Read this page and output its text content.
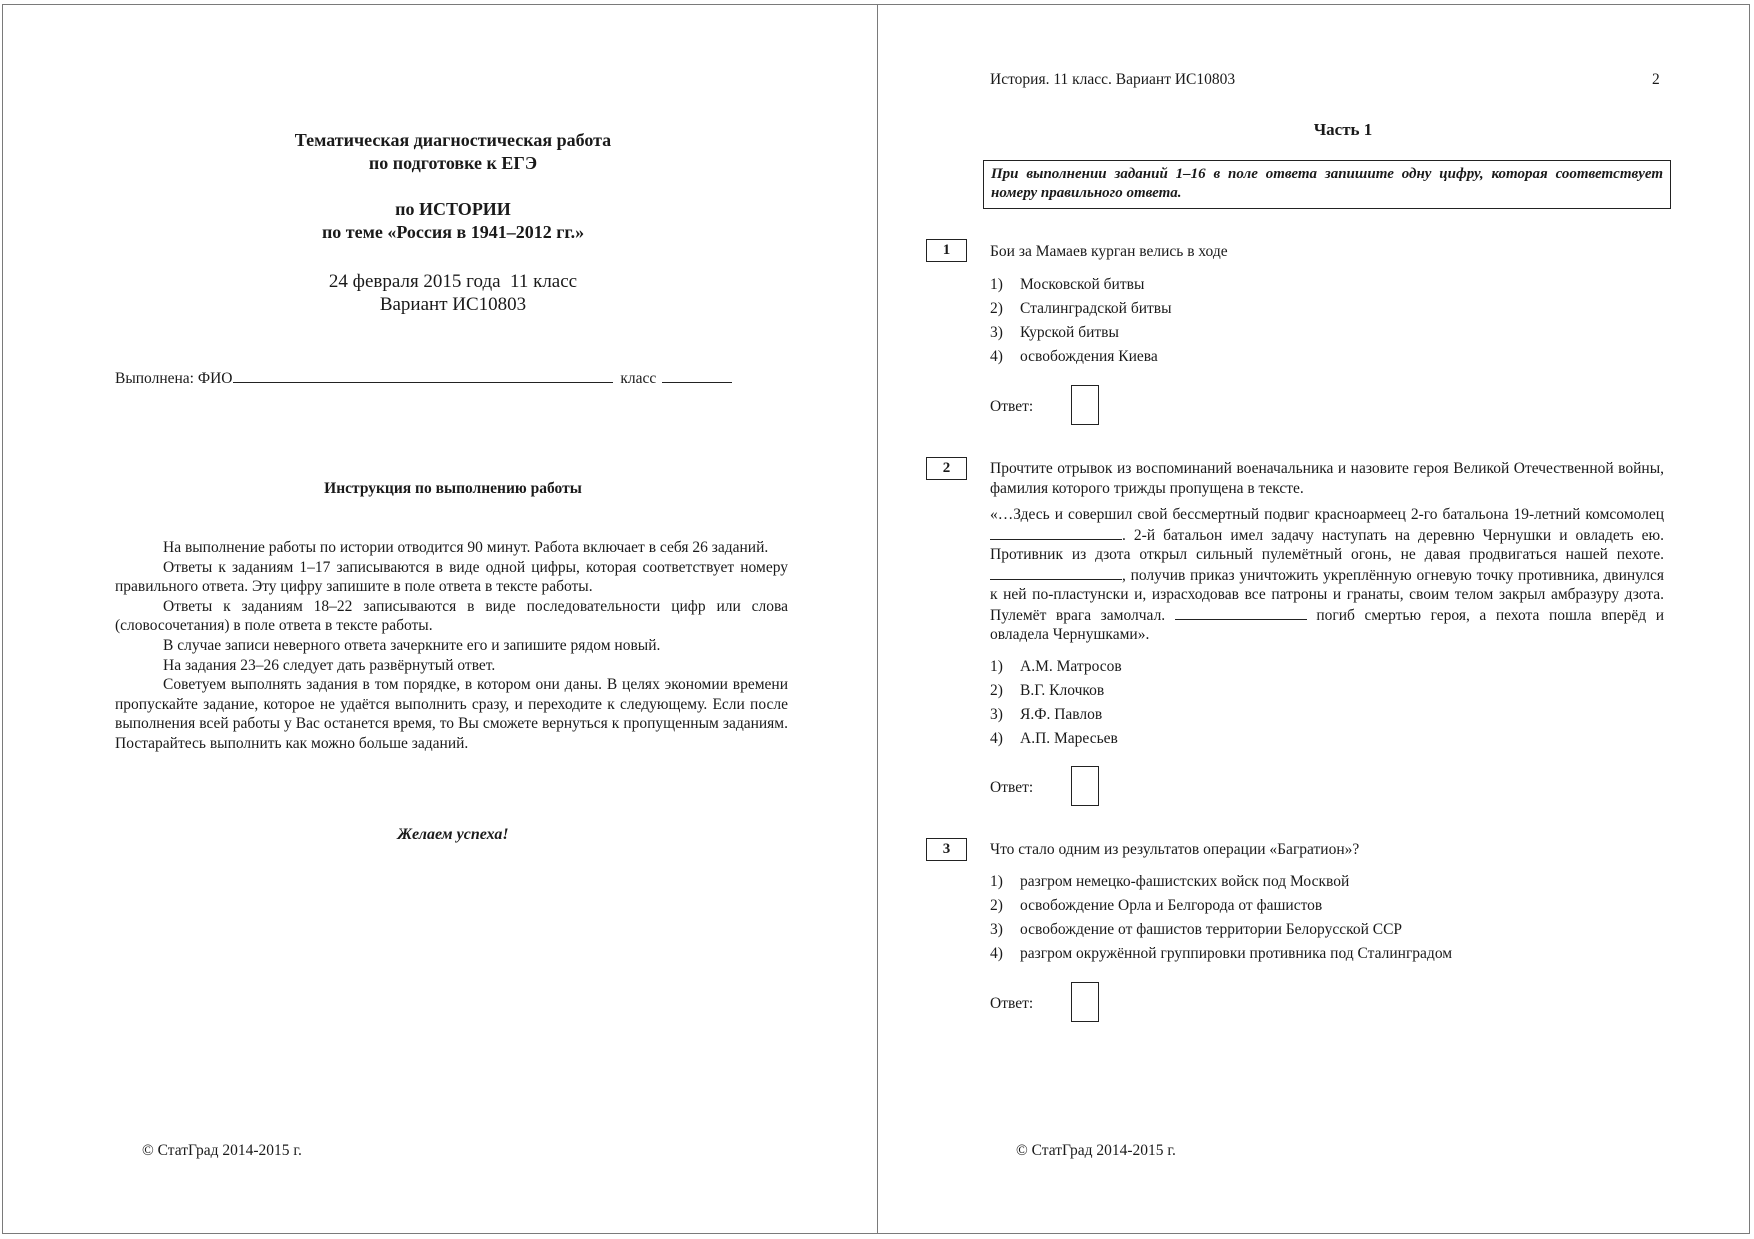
Тематическая диагностическая работа
по подготовке к ЕГЭ
по ИСТОРИИ
по теме «Россия в 1941–2012 гг.»
24 февраля 2015 года  11 класс
Вариант ИС10803
Выполнена: ФИО	класс
Инструкция по выполнению работы

На выполнение работы по истории отводится 90 минут. Работа включает в себя 26 заданий.

Ответы к заданиям 1–17 записываются в виде одной цифры, которая соответствует номеру правильного ответа. Эту цифру запишите в поле ответа в тексте работы.

Ответы к заданиям 18–22 записываются в виде последовательности цифр или слова (словосочетания) в поле ответа в тексте работы.

В случае записи неверного ответа зачеркните его и запишите рядом новый.

На задания 23–26 следует дать развёрнутый ответ.

Советуем выполнять задания в том порядке, в котором они даны. В целях экономии времени пропускайте задание, которое не удаётся выполнить сразу, и переходите к следующему. Если после выполнения всей работы у Вас останется время, то Вы сможете вернуться к пропущенным заданиям. Постарайтесь выполнить как можно больше заданий.

Желаем успеха!
© СтатГрад 2014-2015 г.
История. 11 класс. Вариант ИС10803	2
Часть 1
При выполнении заданий 1–16 в поле ответа запишите одну цифру, которая соответствует номеру правильного ответа.
1	Бои за Мамаев курган велись в ходе
1) Московской битвы
2) Сталинградской битвы
3) Курской битвы
4) освобождения Киева
Ответ:
2	Прочтите отрывок из воспоминаний военачальника и назовите героя Великой Отечественной войны, фамилия которого трижды пропущена в тексте.
«…Здесь и совершил свой бессмертный подвиг красноармеец 2-го батальона 19-летний комсомолец . 2-й батальон имел задачу наступать на деревню Чернушки и овладеть ею. Противник из дзота открыл сильный пулемётный огонь, не давая продвигаться нашей пехоте. , получив приказ уничтожить укреплённую огневую точку противника, двинулся к ней по-пластунски и, израсходовав все патроны и гранаты, своим телом закрыл амбразуру дзота. Пулемёт врага замолчал.	погиб смертью героя, а пехота пошла вперёд и овладела Чернушками».
1) А.М. Матросов
2) В.Г. Клочков
3) Я.Ф. Павлов
4) А.П. Маресьев
Ответ:
3	Что стало одним из результатов операции «Багратион»?
1) разгром немецко-фашистских войск под Москвой
2) освобождение Орла и Белгорода от фашистов
3) освобождение от фашистов территории Белорусской ССР
4) разгром окружённой группировки противника под Сталинградом
Ответ:
© СтатГрад 2014-2015 г.
